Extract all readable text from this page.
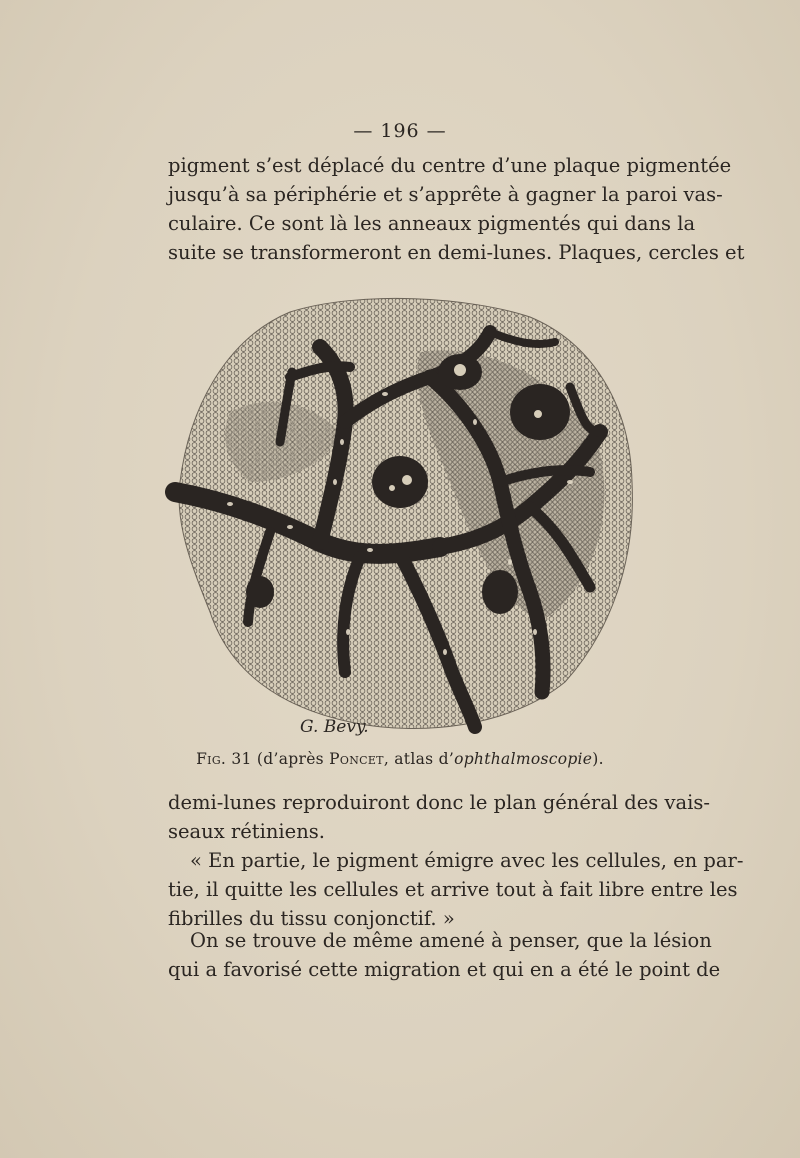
— 196 —

pigment s’est déplacé du centre d’une plaque pigmentée
jusqu’à sa périphérie et s’apprête à gagner la paroi vas-
culaire. Ce sont là les anneaux pigmentés qui dans la
suite se transformeront en demi-lunes. Plaques, cercles et

G. Bevy.
Fig. 31 (d’après Poncet, atlas d’ophthalmoscopie).

demi-lunes reproduiront donc le plan général des vais-
seaux rétiniens.

« En partie, le pigment émigre avec les cellules, en par-
tie, il quitte les cellules et arrive tout à fait libre entre les
fibrilles du tissu conjonctif. »

On se trouve de même amené à penser, que la lésion
qui a favorisé cette migration et qui en a été le point de
